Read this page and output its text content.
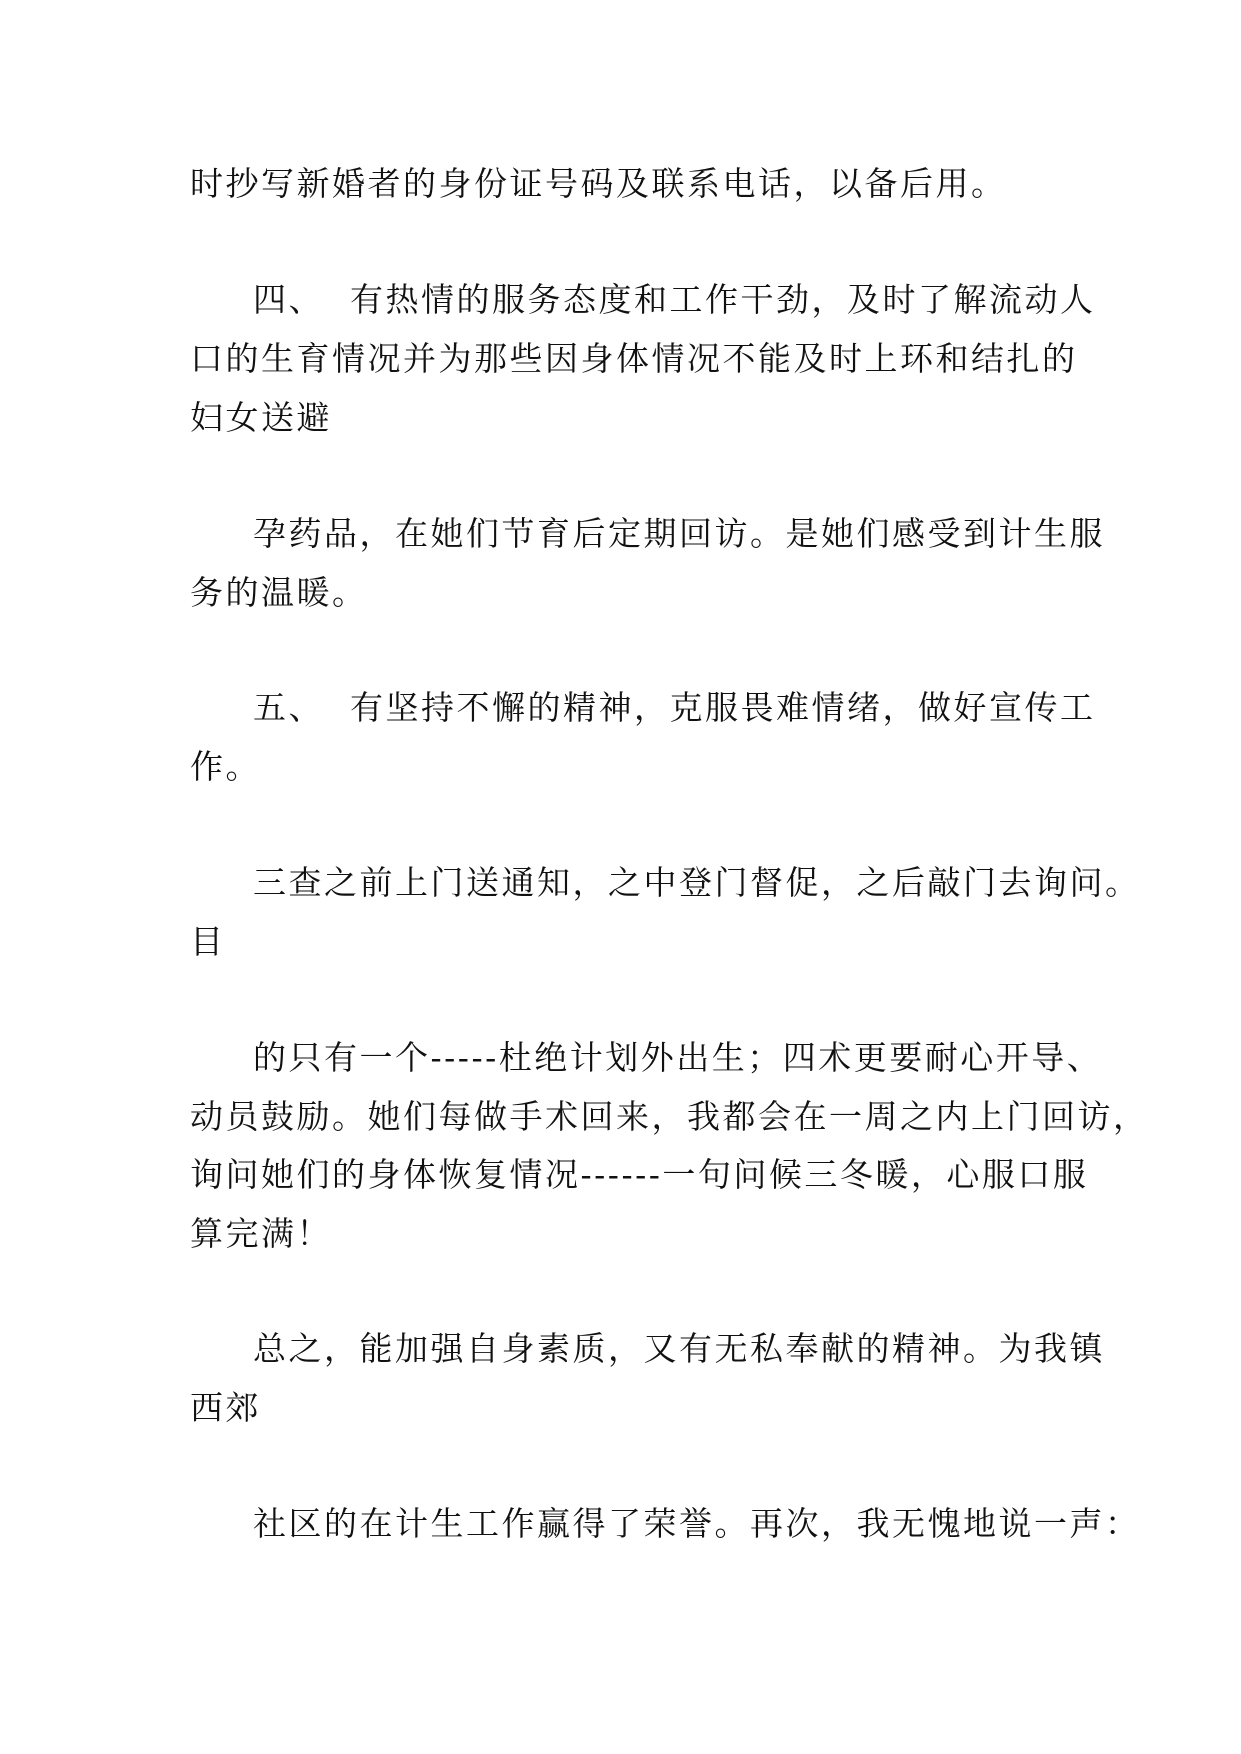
时抄写新婚者的身份证号码及联系电话，以备后用。
四、  有热情的服务态度和工作干劲，及时了解流动人
口的生育情况并为那些因身体情况不能及时上环和结扎的
妇女送避
孕药品，在她们节育后定期回访。是她们感受到计生服
务的温暖。
五、  有坚持不懈的精神，克服畏难情绪，做好宣传工
作。
三查之前上门送通知，之中登门督促，之后敲门去询问。
目
的只有一个-----杜绝计划外出生；四术更要耐心开导、
动员鼓励。她们每做手术回来，我都会在一周之内上门回访，
询问她们的身体恢复情况------一句问候三冬暖，心服口服
算完满！
总之，能加强自身素质，又有无私奉献的精神。为我镇
西郊
社区的在计生工作赢得了荣誉。再次，我无愧地说一声：
